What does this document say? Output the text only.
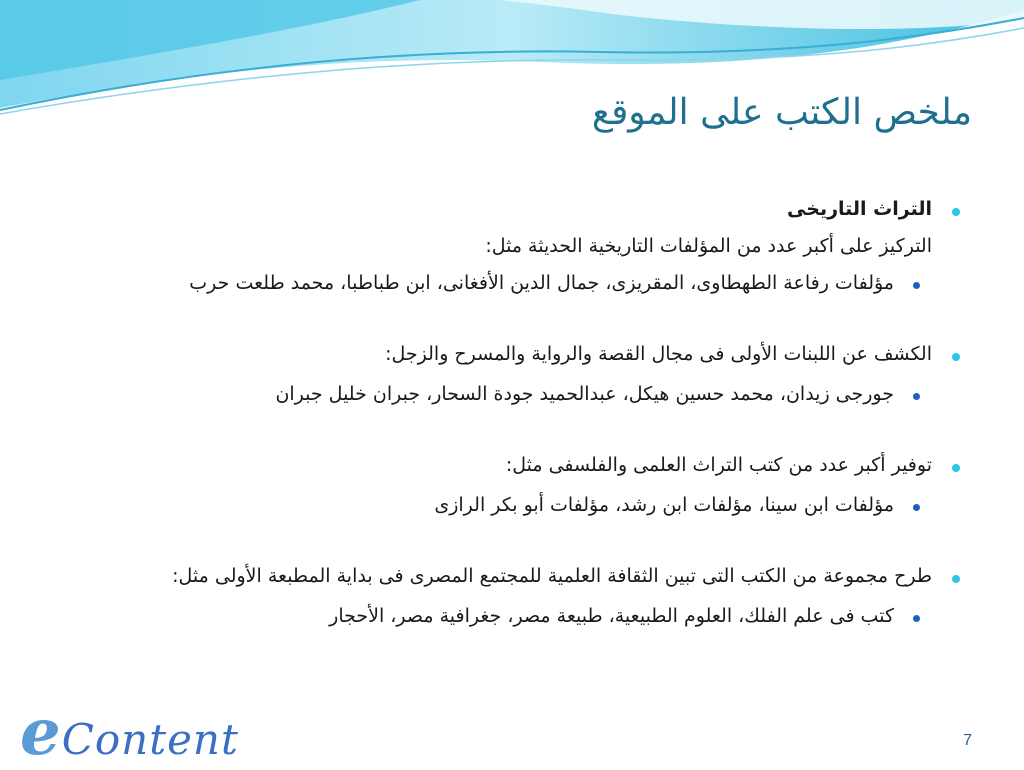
ملخص الكتب على الموقع
التراث التاريخى
التركيز على أكبر عدد من المؤلفات التاريخية الحديثة مثل:
مؤلفات رفاعة الطهطاوى، المقريزى، جمال الدين الأفغانى، ابن طباطبا، محمد طلعت حرب
الكشف عن اللبنات الأولى فى مجال القصة والرواية والمسرح والزجل:
جورجى زيدان، محمد حسين هيكل، عبدالحميد جودة السحار، جبران خليل جبران
توفير أكبر عدد من كتب التراث العلمى والفلسفى مثل:
مؤلفات ابن سينا، مؤلفات ابن رشد، مؤلفات أبو بكر الرازى
طرح مجموعة من الكتب التى تبين الثقافة العلمية للمجتمع المصرى فى بداية المطبعة الأولى مثل:
كتب فى علم الفلك، العلوم الطبيعية، طبيعة مصر، جغرافية مصر، الأحجار
eContent	7
